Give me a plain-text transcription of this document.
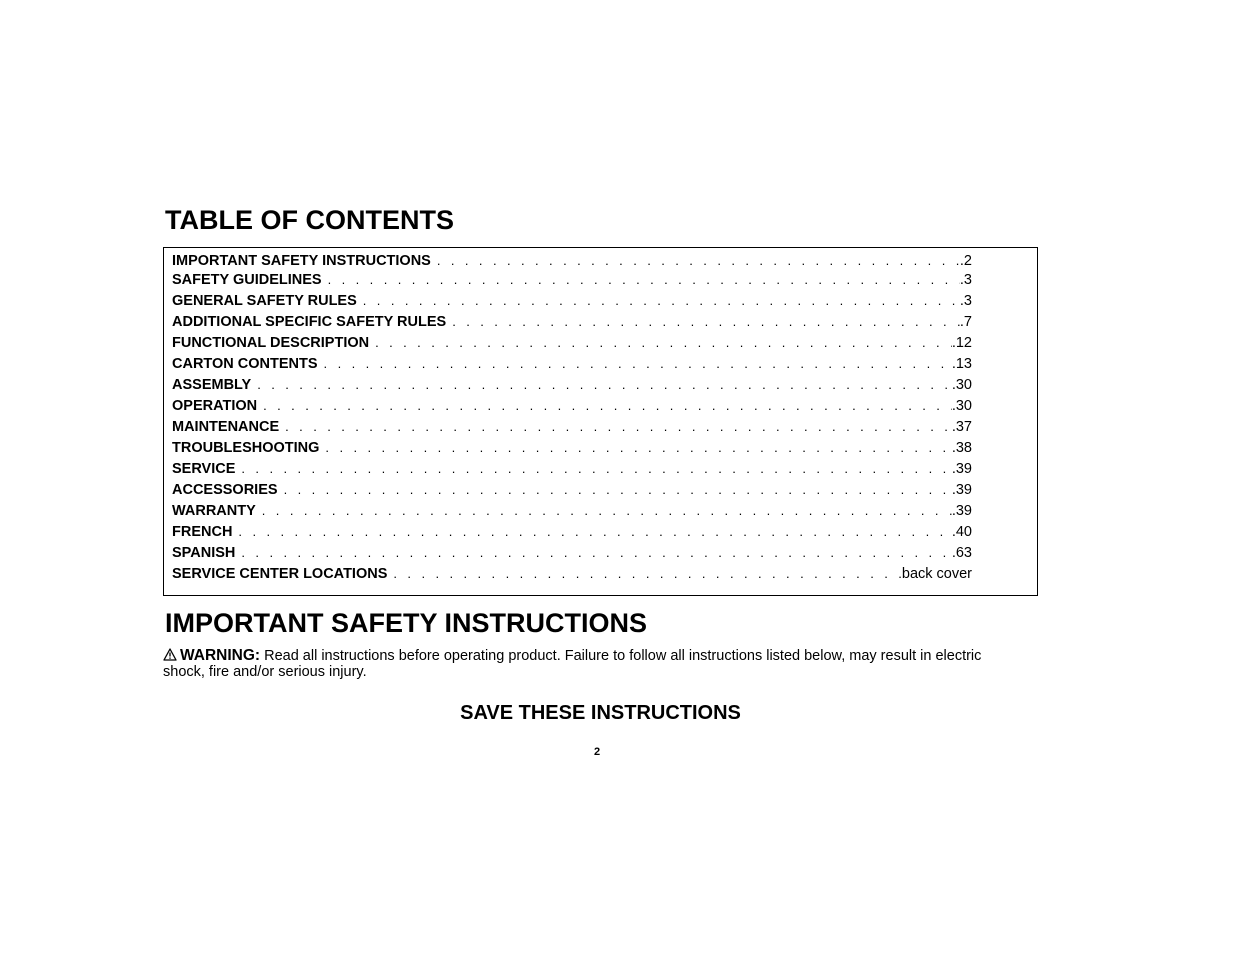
TABLE OF CONTENTS
IMPORTANT SAFETY INSTRUCTIONS . . .	.2
SAFETY GUIDELINES . . .	.3
GENERAL SAFETY RULES . . .	.3
ADDITIONAL SPECIFIC SAFETY RULES . . .	.7
FUNCTIONAL DESCRIPTION . . .	.12
CARTON CONTENTS . . .	.13
ASSEMBLY . . .	.30
OPERATION . . .	.30
MAINTENANCE . . .	.37
TROUBLESHOOTING . . .	.38
SERVICE . . .	.39
ACCESSORIES . . .	.39
WARRANTY . . .	.39
FRENCH . . .	.40
SPANISH . . .	.63
SERVICE CENTER LOCATIONS . . .	back cover
IMPORTANT SAFETY INSTRUCTIONS
WARNING: Read all instructions before operating product. Failure to follow all instructions listed below, may result in electric shock, fire and/or serious injury.
SAVE THESE INSTRUCTIONS
2
